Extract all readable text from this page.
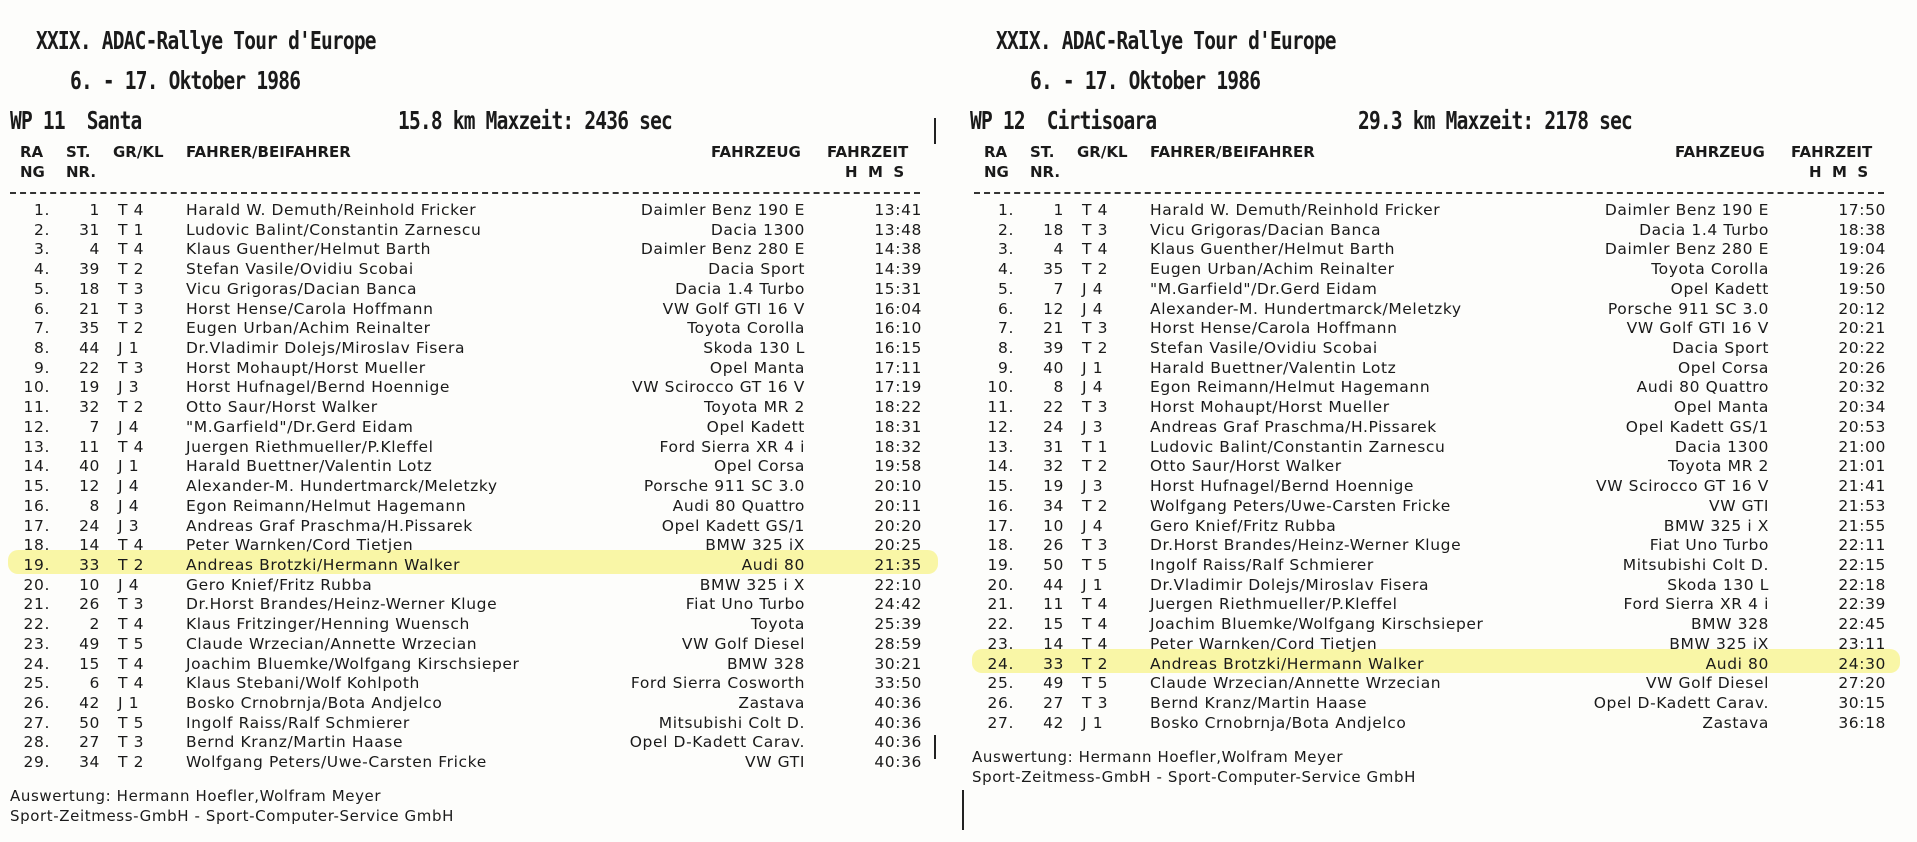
XXIX. ADAC-Rallye Tour d'Europe
6. - 17. Oktober 1986
WP 11  Santa	15.8 km Maxzeit: 2436 sec
RA
NG
ST.
NR.
GR/KL FAHRER/BEIFAHRER	FAHRZEUG FAHRZEIT
H  M  S
1.	1 T 4	Harald W. Demuth/Reinhold Fricker	Daimler Benz 190 E	13:41
2.	31 T 1	Ludovic Balint/Constantin Zarnescu	Dacia 1300	13:48
3.	4 T 4	Klaus Guenther/Helmut Barth	Daimler Benz 280 E	14:38
4.	39 T 2	Stefan Vasile/Ovidiu Scobai	Dacia Sport	14:39
5.	18 T 3	Vicu Grigoras/Dacian Banca	Dacia 1.4 Turbo	15:31
6.	21 T 3	Horst Hense/Carola Hoffmann	VW Golf GTI 16 V	16:04
7.	35 T 2	Eugen Urban/Achim Reinalter	Toyota Corolla	16:10
8.	44 J 1	Dr.Vladimir Dolejs/Miroslav Fisera	Skoda 130 L	16:15
9.	22 T 3	Horst Mohaupt/Horst Mueller	Opel Manta	17:11
10.	19 J 3	Horst Hufnagel/Bernd Hoennige	VW Scirocco GT 16 V	17:19
11.	32 T 2	Otto Saur/Horst Walker	Toyota MR 2	18:22
12.	7 J 4	"M.Garfield"/Dr.Gerd Eidam	Opel Kadett	18:31
13.	11 T 4	Juergen Riethmueller/P.Kleffel	Ford Sierra XR 4 i	18:32
14.	40 J 1	Harald Buettner/Valentin Lotz	Opel Corsa	19:58
15.	12 J 4	Alexander-M. Hundertmarck/Meletzky	Porsche 911 SC 3.0	20:10
16.	8 J 4	Egon Reimann/Helmut Hagemann	Audi 80 Quattro	20:11
17.	24 J 3	Andreas Graf Praschma/H.Pissarek	Opel Kadett GS/1	20:20
18.	14 T 4	Peter Warnken/Cord Tietjen	BMW 325 iX	20:25
19.	33 T 2	Andreas Brotzki/Hermann Walker	Audi 80	21:35
20.	10 J 4	Gero Knief/Fritz Rubba	BMW 325 i X	22:10
21.	26 T 3	Dr.Horst Brandes/Heinz-Werner Kluge	Fiat Uno Turbo	24:42
22.	2 T 4	Klaus Fritzinger/Henning Wuensch	Toyota	25:39
23.	49 T 5	Claude Wrzecian/Annette Wrzecian	VW Golf Diesel	28:59
24.	15 T 4	Joachim Bluemke/Wolfgang Kirschsieper	BMW 328	30:21
25.	6 T 4	Klaus Stebani/Wolf Kohlpoth	Ford Sierra Cosworth	33:50
26.	42 J 1	Bosko Crnobrnja/Bota Andjelco	Zastava	40:36
27.	50 T 5	Ingolf Raiss/Ralf Schmierer	Mitsubishi Colt D.	40:36
28.	27 T 3	Bernd Kranz/Martin Haase	Opel D-Kadett Carav.	40:36
29.	34 T 2	Wolfgang Peters/Uwe-Carsten Fricke	VW GTI	40:36
Auswertung: Hermann Hoefler,Wolfram Meyer
Sport-Zeitmess-GmbH - Sport-Computer-Service GmbH
XXIX. ADAC-Rallye Tour d'Europe
6. - 17. Oktober 1986
WP 12  Cirtisoara	29.3 km Maxzeit: 2178 sec
RA
NG
ST.
NR.
GR/KL FAHRER/BEIFAHRER	FAHRZEUG FAHRZEIT
H  M  S
1.	1 T 4	Harald W. Demuth/Reinhold Fricker	Daimler Benz 190 E	17:50
2.	18 T 3	Vicu Grigoras/Dacian Banca	Dacia 1.4 Turbo	18:38
3.	4 T 4	Klaus Guenther/Helmut Barth	Daimler Benz 280 E	19:04
4.	35 T 2	Eugen Urban/Achim Reinalter	Toyota Corolla	19:26
5.	7 J 4	"M.Garfield"/Dr.Gerd Eidam	Opel Kadett	19:50
6.	12 J 4	Alexander-M. Hundertmarck/Meletzky	Porsche 911 SC 3.0	20:12
7.	21 T 3	Horst Hense/Carola Hoffmann	VW Golf GTI 16 V	20:21
8.	39 T 2	Stefan Vasile/Ovidiu Scobai	Dacia Sport	20:22
9.	40 J 1	Harald Buettner/Valentin Lotz	Opel Corsa	20:26
10.	8 J 4	Egon Reimann/Helmut Hagemann	Audi 80 Quattro	20:32
11.	22 T 3	Horst Mohaupt/Horst Mueller	Opel Manta	20:34
12.	24 J 3	Andreas Graf Praschma/H.Pissarek	Opel Kadett GS/1	20:53
13.	31 T 1	Ludovic Balint/Constantin Zarnescu	Dacia 1300	21:00
14.	32 T 2	Otto Saur/Horst Walker	Toyota MR 2	21:01
15.	19 J 3	Horst Hufnagel/Bernd Hoennige	VW Scirocco GT 16 V	21:41
16.	34 T 2	Wolfgang Peters/Uwe-Carsten Fricke	VW GTI	21:53
17.	10 J 4	Gero Knief/Fritz Rubba	BMW 325 i X	21:55
18.	26 T 3	Dr.Horst Brandes/Heinz-Werner Kluge	Fiat Uno Turbo	22:11
19.	50 T 5	Ingolf Raiss/Ralf Schmierer	Mitsubishi Colt D.	22:15
20.	44 J 1	Dr.Vladimir Dolejs/Miroslav Fisera	Skoda 130 L	22:18
21.	11 T 4	Juergen Riethmueller/P.Kleffel	Ford Sierra XR 4 i	22:39
22.	15 T 4	Joachim Bluemke/Wolfgang Kirschsieper	BMW 328	22:45
23.	14 T 4	Peter Warnken/Cord Tietjen	BMW 325 iX	23:11
24.	33 T 2	Andreas Brotzki/Hermann Walker	Audi 80	24:30
25.	49 T 5	Claude Wrzecian/Annette Wrzecian	VW Golf Diesel	27:20
26.	27 T 3	Bernd Kranz/Martin Haase	Opel D-Kadett Carav.	30:15
27.	42 J 1	Bosko Crnobrnja/Bota Andjelco	Zastava	36:18
Auswertung: Hermann Hoefler,Wolfram Meyer
Sport-Zeitmess-GmbH - Sport-Computer-Service GmbH
